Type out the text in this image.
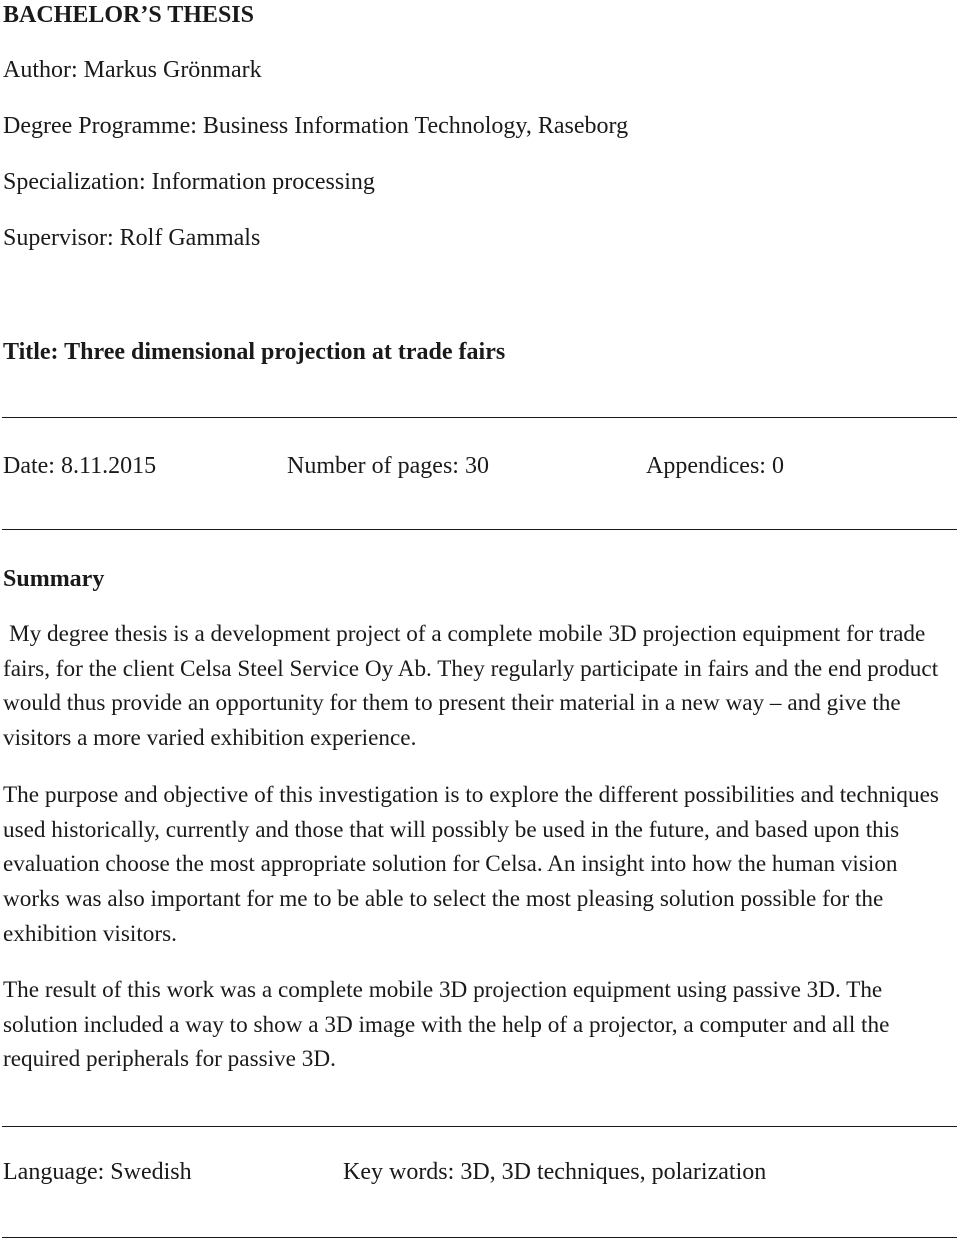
BACHELOR’S THESIS
Author: Markus Grönmark
Degree Programme: Business Information Technology, Raseborg
Specialization: Information processing
Supervisor: Rolf Gammals
Title: Three dimensional projection at trade fairs
Date: 8.11.2015	Number of pages: 30	Appendices: 0
Summary

My degree thesis is a development project of a complete mobile 3D projection equipment for trade fairs, for the client Celsa Steel Service Oy Ab. They regularly participate in fairs and the end product would thus provide an opportunity for them to present their material in a new way – and give the visitors a more varied exhibition experience.

The purpose and objective of this investigation is to explore the different possibilities and techniques used historically, currently and those that will possibly be used in the future, and based upon this evaluation choose the most appropriate solution for Celsa. An insight into how the human vision works was also important for me to be able to select the most pleasing solution possible for the exhibition visitors.

The result of this work was a complete mobile 3D projection equipment using passive 3D. The solution included a way to show a 3D image with the help of a projector, a computer and all the required peripherals for passive 3D.

Language: Swedish	Key words: 3D, 3D techniques, polarization
